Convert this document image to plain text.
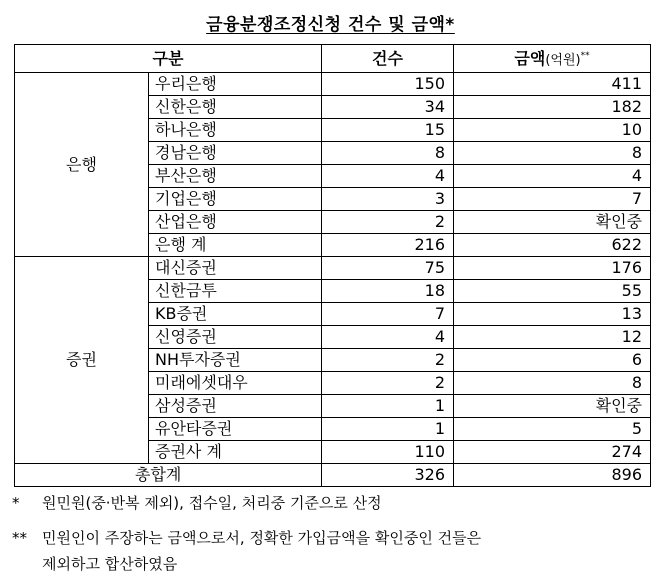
금융분쟁조정신청 건수 및 금액*
구분		건수	금액(억원)**
은행	우리은행	150	411
	신한은행	34	182
	하나은행	15	10
	경남은행	8	8
	부산은행	4	4
	기업은행	3	7
	산업은행	2	확인중
	은행 계	216	622
증권	대신증권	75	176
	신한금투	18	55
	KB증권	7	13
	신영증권	4	12
	NH투자증권	2	6
	미래에셋대우	2	8
	삼성증권	1	확인중
	유안타증권	1	5
	증권사 계	110	274
총합계		326	896
* 원민원(중·반복 제외), 접수일, 처리중 기준으로 산정
** 민원인이 주장하는 금액으로서, 정확한 가입금액을 확인중인 건들은
제외하고 합산하였음
